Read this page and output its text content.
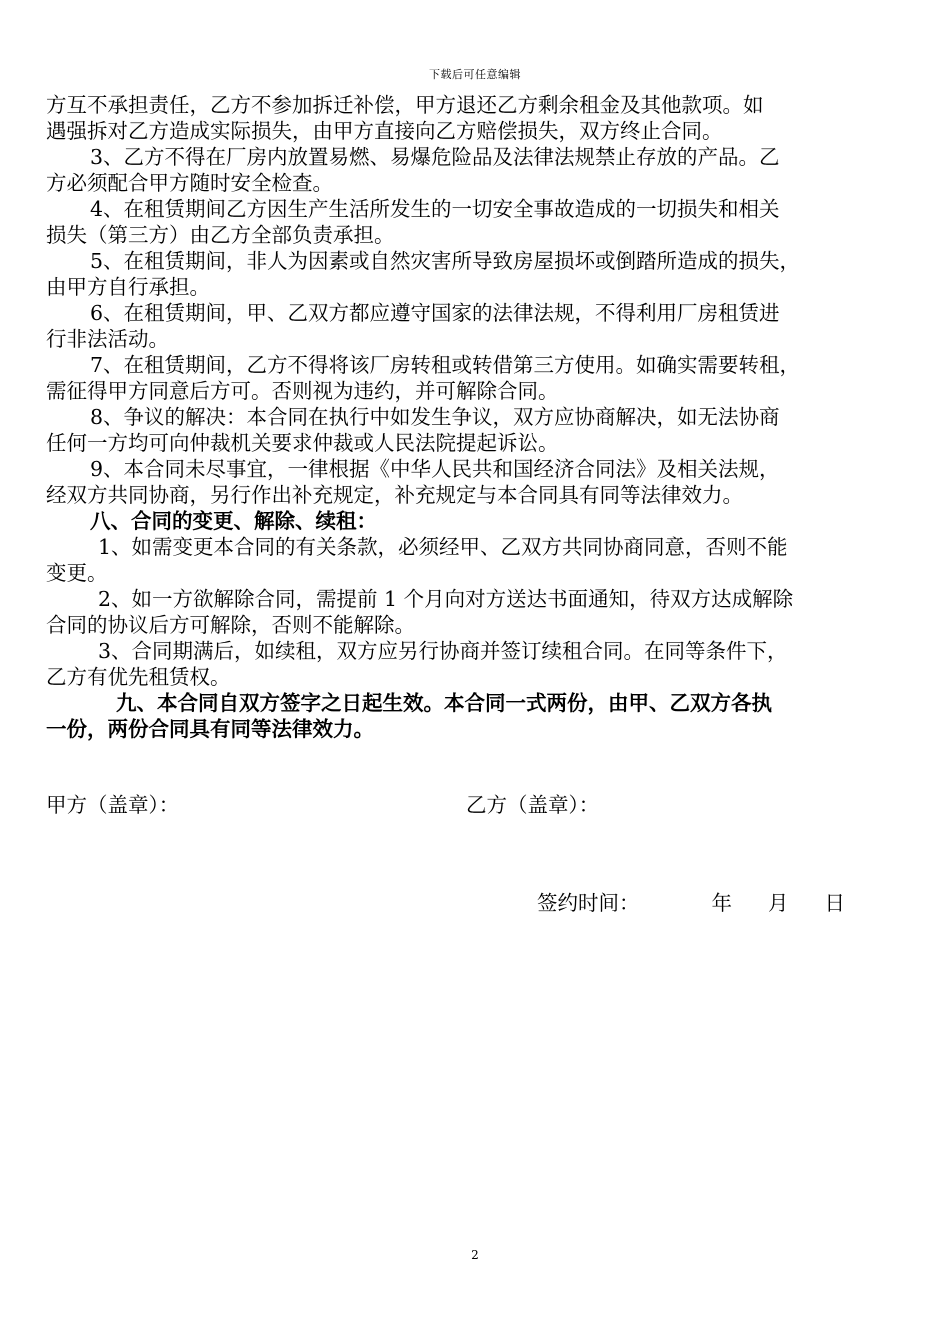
下载后可任意编辑
方互不承担责任，乙方不参加拆迁补偿，甲方退还乙方剩余租金及其他款项。如
遇强拆对乙方造成实际损失，由甲方直接向乙方赔偿损失，双方终止合同。
3、乙方不得在厂房内放置易燃、易爆危险品及法律法规禁止存放的产品。乙
方必须配合甲方随时安全检查。
4、在租赁期间乙方因生产生活所发生的一切安全事故造成的一切损失和相关
损失（第三方）由乙方全部负责承担。
5、在租赁期间，非人为因素或自然灾害所导致房屋损坏或倒踏所造成的损失，
由甲方自行承担。
6、在租赁期间，甲、乙双方都应遵守国家的法律法规，不得利用厂房租赁进
行非法活动。
7、在租赁期间，乙方不得将该厂房转租或转借第三方使用。如确实需要转租，
需征得甲方同意后方可。否则视为违约，并可解除合同。
8、争议的解决：本合同在执行中如发生争议，双方应协商解决，如无法协商
任何一方均可向仲裁机关要求仲裁或人民法院提起诉讼。
9、本合同未尽事宜，一律根据《中华人民共和国经济合同法》及相关法规，
经双方共同协商，另行作出补充规定，补充规定与本合同具有同等法律效力。
八、合同的变更、解除、续租：
1、如需变更本合同的有关条款，必须经甲、乙双方共同协商同意，否则不能
变更。
2、如一方欲解除合同，需提前 1 个月向对方送达书面通知，待双方达成解除
合同的协议后方可解除，否则不能解除。
3、合同期满后，如续租，双方应另行协商并签订续租合同。在同等条件下，
乙方有优先租赁权。
九、本合同自双方签字之日起生效。本合同一式两份，由甲、乙双方各执
一份，两份合同具有同等法律效力。
甲方（盖章）：	乙方（盖章）：
签约时间：	年 月 日
2
